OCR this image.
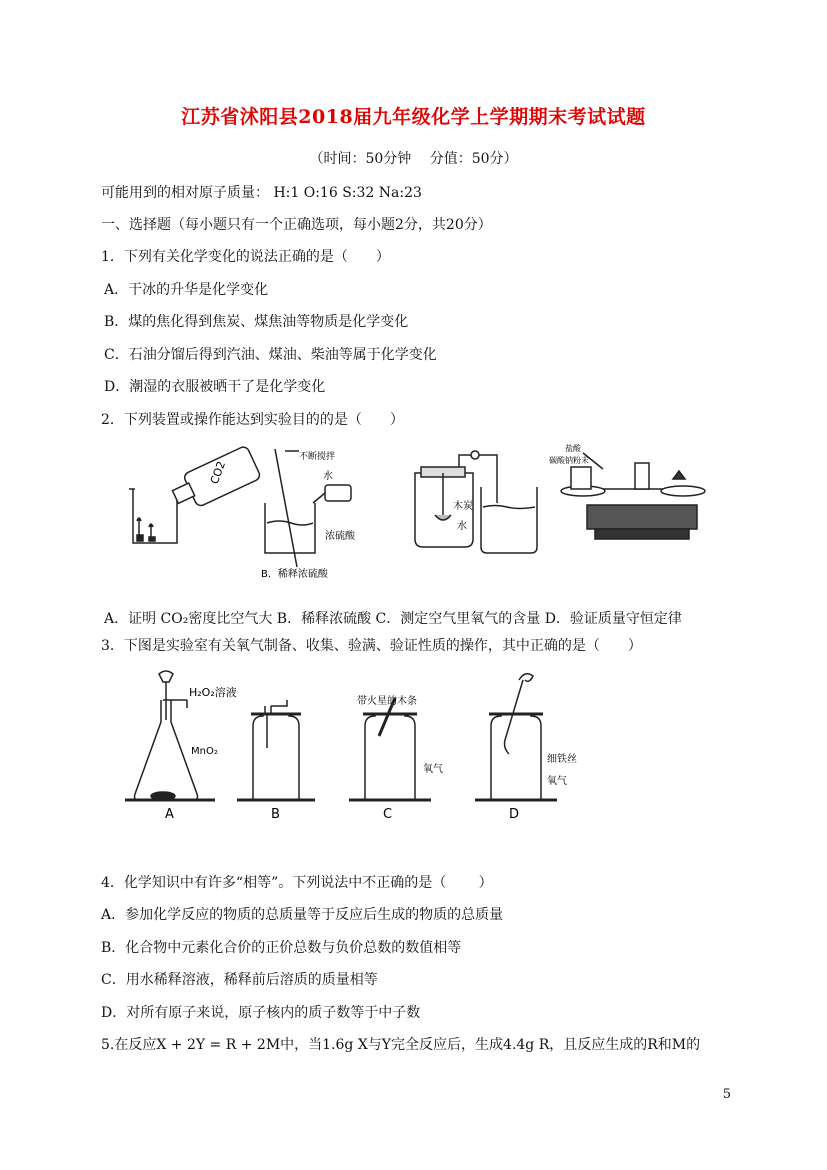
江苏省沭阳县2018届九年级化学上学期期末考试试题
（时间：50分钟　 分值：50分）
可能用到的相对原子质量： H:1 O:16 S:32 Na:23
一、选择题（每小题只有一个正确选项，每小题2分，共20分）
1．下列有关化学变化的说法正确的是（　　）
A．干冰的升华是化学变化
B．煤的焦化得到焦炭、煤焦油等物质是化学变化
C．石油分馏后得到汽油、煤油、柴油等属于化学变化
D．潮湿的衣服被晒干了是化学变化
2．下列装置或操作能达到实验目的的是（　　）
CO2
不断搅拌
水
浓硫酸
B．稀释浓硫酸
木炭
水
盐酸
碳酸钠粉末
A．证明 CO₂密度比空气大 B．稀释浓硫酸 C．测定空气里氧气的含量 D．验证质量守恒定律
3．下图是实验室有关氧气制备、收集、验满、验证性质的操作，其中正确的是（　　）
H₂O₂溶液
MnO₂
带火星的木条
氧气
细铁丝
氧气
A	B	C	D
4．化学知识中有许多“相等”。下列说法中不正确的是（　　 ）
A．参加化学反应的物质的总质量等于反应后生成的物质的总质量
B．化合物中元素化合价的正价总数与负价总数的数值相等
C．用水稀释溶液，稀释前后溶质的质量相等
D．对所有原子来说，原子核内的质子数等于中子数
5.在反应X + 2Y = R + 2M中，当1.6g X与Y完全反应后，生成4.4g R，且反应生成的R和M的
5
